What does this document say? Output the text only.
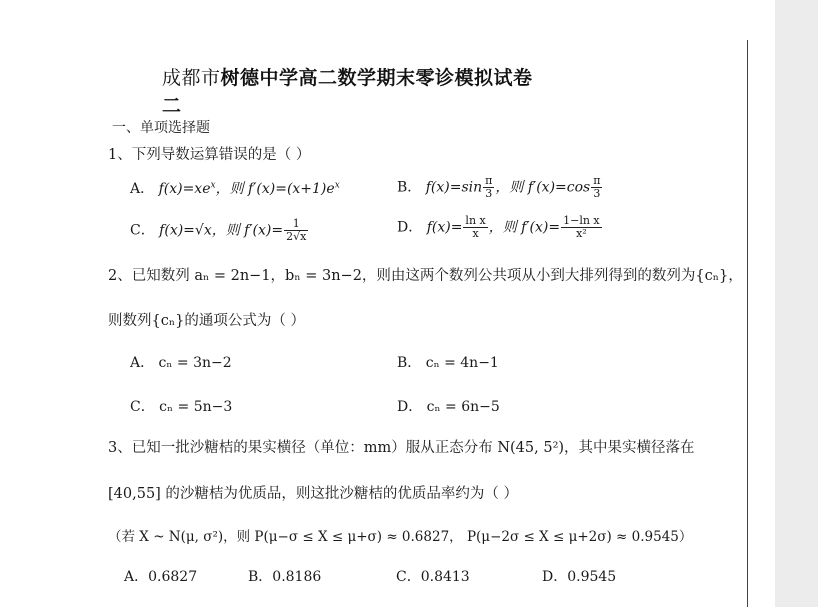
成都市树德中学高二数学期末零诊模拟试卷
二
一、单项选择题
1、下列导数运算错误的是（ ）
A． $f(x)=xe^x$，则 $f'(x)=(x+1)e^x$	B． $f(x)=\sin \frac{\pi}{3}$ ，则 $f'(x)=\cos \frac{\pi}{3}$
C． f(x)=√x，则 $f'(x)= \frac{1}{2√x}$	D． $f(x)= \frac{\text{ln x}}{x}$ ，则 $f'(x)= \frac{\text{1−ln x}}{\text{x²}}$
2、已知数列 aₙ = 2n−1，bₙ = 3n−2，则由这两个数列公共项从小到大排列得到的数列为{cₙ}，
则数列{cₙ}的通项公式为（ ）
A． cₙ = 3n−2	B． cₙ = 4n−1
C． cₙ = 5n−3	D． cₙ = 6n−5
3、已知一批沙糖桔的果实横径（单位：mm）服从正态分布 N(45, 5²)，其中果实横径落在
[40,55] 的沙糖桔为优质品，则这批沙糖桔的优质品率约为（ ）
（若 X ~ N(μ, σ²)，则 P(μ−σ ≤ X ≤ μ+σ) ≈ 0.6827， P(μ−2σ ≤ X ≤ μ+2σ) ≈ 0.9545）
A．0.6827	B．0.8186	C．0.8413	D．0.9545
